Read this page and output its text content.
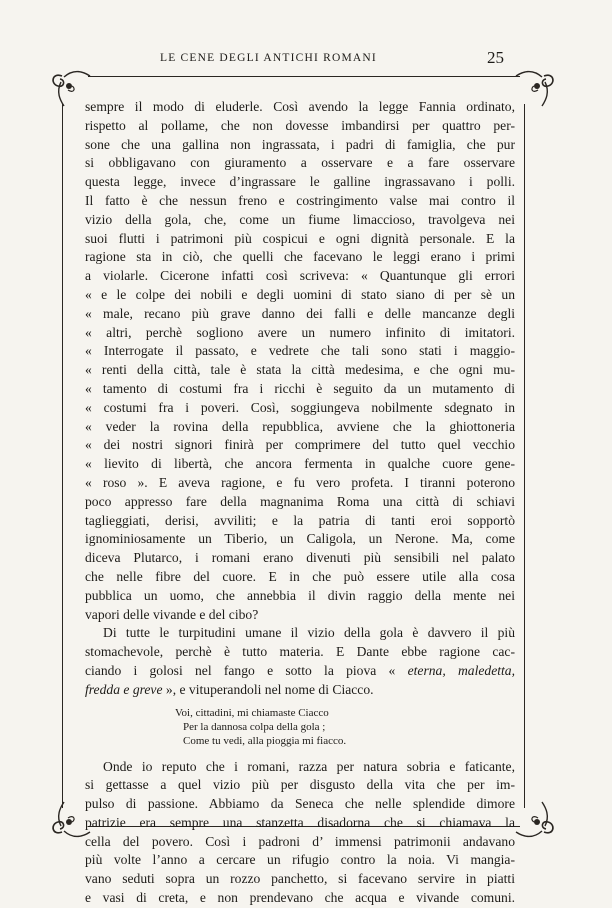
LE CENE DEGLI ANTICHI ROMANI	25

sempre il modo di eluderle. Così avendo la legge Fannia ordinato,
rispetto al pollame, che non dovesse imbandirsi per quattro per-
sone che una gallina non ingrassata, i padri di famiglia, che pur
si obbligavano con giuramento a osservare e a fare osservare
questa legge, invece d’ingrassare le galline ingrassavano i polli.
Il fatto è che nessun freno e costringimento valse mai contro il
vizio della gola, che, come un fiume limaccioso, travolgeva nei
suoi flutti i patrimoni più cospicui e ogni dignità personale. E la
ragione sta in ciò, che quelli che facevano le leggi erano i primi
a violarle. Cicerone infatti così scriveva: « Quantunque gli errori
« e le colpe dei nobili e degli uomini di stato siano di per sè un
« male, recano più grave danno dei falli e delle mancanze degli
« altri, perchè sogliono avere un numero infinito di imitatori.
« Interrogate il passato, e vedrete che tali sono stati i maggio-
« renti della città, tale è stata la città medesima, e che ogni mu-
« tamento di costumi fra i ricchi è seguito da un mutamento di
« costumi fra i poveri. Così, soggiungeva nobilmente sdegnato in
« veder la rovina della repubblica, avviene che la ghiottoneria
« dei nostri signori finirà per comprimere del tutto quel vecchio
« lievito di libertà, che ancora fermenta in qualche cuore gene-
« roso ». E aveva ragione, e fu vero profeta. I tiranni poterono
poco appresso fare della magnanima Roma una città di schiavi
taglieggiati, derisi, avviliti; e la patria di tanti eroi sopportò
ignominiosamente un Tiberio, un Caligola, un Nerone. Ma, come
diceva Plutarco, i romani erano divenuti più sensibili nel palato
che nelle fibre del cuore. E in che può essere utile alla cosa
pubblica un uomo, che annebbia il divin raggio della mente nei
vapori delle vivande e del cibo?

Di tutte le turpitudini umane il vizio della gola è davvero il più
stomachevole, perchè è tutto materia. E Dante ebbe ragione cac-
ciando i golosi nel fango e sotto la piova « eterna, maledetta,
fredda e greve », e vituperandoli nel nome di Ciacco.

Voi, cittadini, mi chiamaste Ciacco
Per la dannosa colpa della gola ;
Come tu vedi, alla pioggia mi fiacco.

Onde io reputo che i romani, razza per natura sobria e faticante,
si gettasse a quel vizio più per disgusto della vita che per im-
pulso di passione. Abbiamo da Seneca che nelle splendide dimore
patrizie era sempre una stanzetta disadorna che si chiamava la
cella del povero. Così i padroni d’ immensi patrimonii andavano
più volte l’anno a cercare un rifugio contro la noia. Vi mangia-
vano seduti sopra un rozzo panchetto, si facevano servire in piatti
e vasi di creta, e non prendevano che acqua e vivande comuni.
